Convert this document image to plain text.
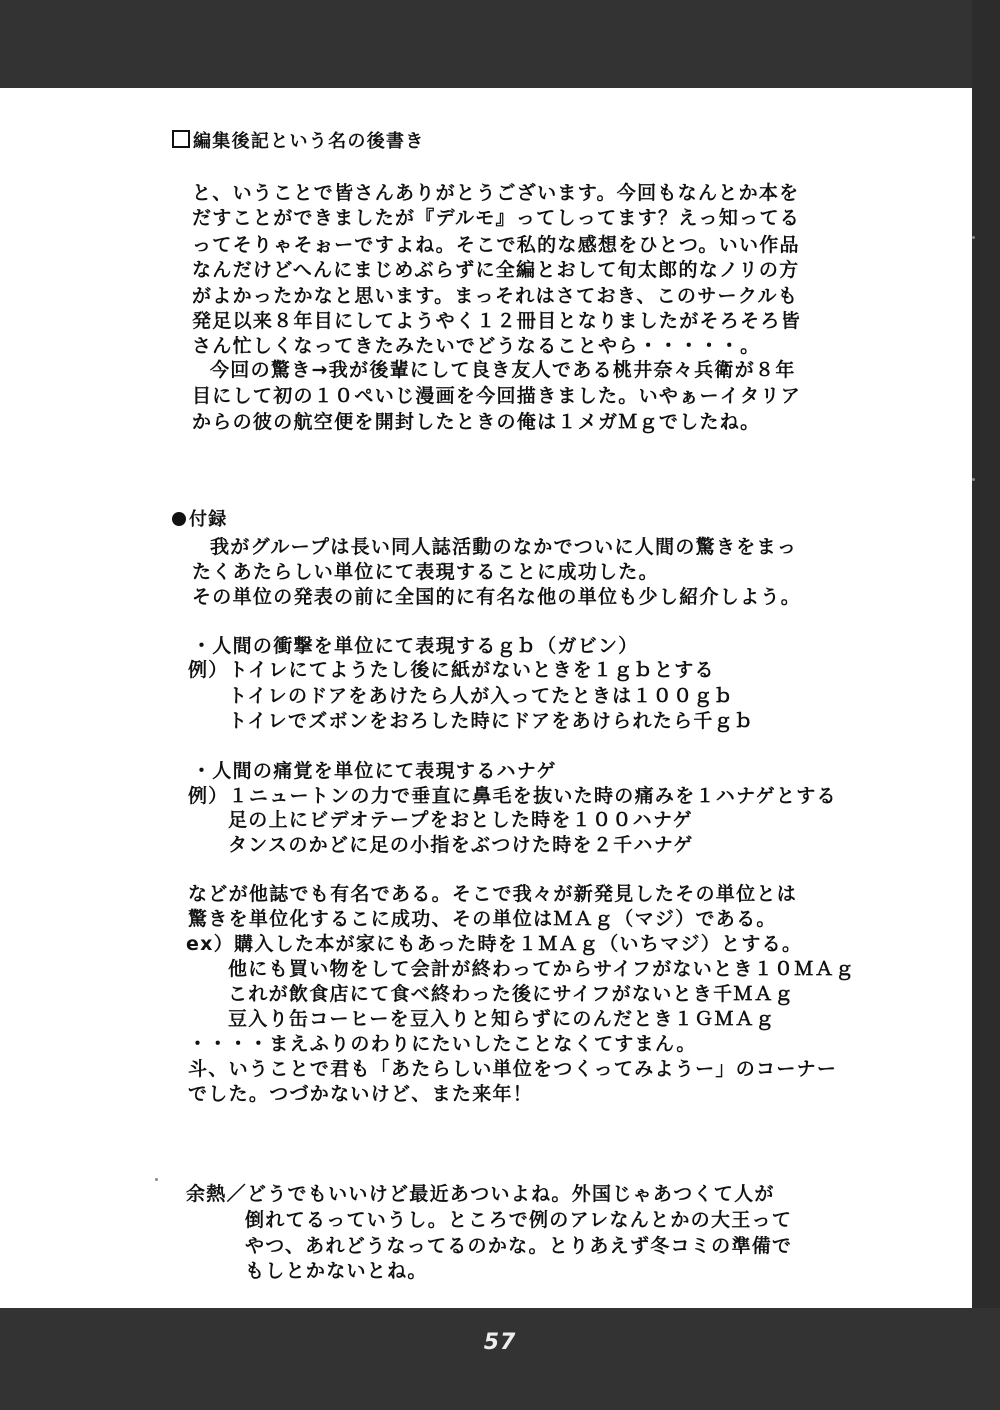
編集後記という名の後書き
と、いうことで皆さんありがとうございます。今回もなんとか本を
だすことができましたが『デルモ』ってしってます？えっ知ってる
ってそりゃそぉーですよね。そこで私的な感想をひとつ。いい作品
なんだけどへんにまじめぶらずに全編とおして旬太郎的なノリの方
がよかったかなと思います。まっそれはさておき、このサークルも
発足以来８年目にしてようやく１２冊目となりましたがそろそろ皆
さん忙しくなってきたみたいでどうなることやら・・・・・。
今回の驚き→我が後輩にして良き友人である桃井奈々兵衛が８年
目にして初の１０ぺいじ漫画を今回描きました。いやぁーイタリア
からの彼の航空便を開封したときの俺は１メガＭｇでしたね。
付録
我がグループは長い同人誌活動のなかでついに人間の驚きをまっ
たくあたらしい単位にて表現することに成功した。
その単位の発表の前に全国的に有名な他の単位も少し紹介しよう。
・人間の衝撃を単位にて表現するｇｂ（ガビン）
例）トイレにてようたし後に紙がないときを１ｇｂとする
トイレのドアをあけたら人が入ってたときは１００ｇｂ
トイレでズボンをおろした時にドアをあけられたら千ｇｂ
・人間の痛覚を単位にて表現するハナゲ
例）１ニュートンの力で垂直に鼻毛を抜いた時の痛みを１ハナゲとする
足の上にビデオテープをおとした時を１００ハナゲ
タンスのかどに足の小指をぶつけた時を２千ハナゲ
などが他誌でも有名である。そこで我々が新発見したその単位とは
驚きを単位化するこに成功、その単位はＭＡｇ（マジ）である。
ex）購入した本が家にもあった時を１ＭＡｇ（いちマジ）とする。
他にも買い物をして会計が終わってからサイフがないとき１０ＭＡｇ
これが飲食店にて食べ終わった後にサイフがないとき千ＭＡｇ
豆入り缶コーヒーを豆入りと知らずにのんだとき１ＧＭＡｇ
・・・・まえふりのわりにたいしたことなくてすまん。
斗、いうことで君も「あたらしい単位をつくってみようー」のコーナー
でした。つづかないけど、また来年！
余熱／どうでもいいけど最近あついよね。外国じゃあつくて人が
倒れてるっていうし。ところで例のアレなんとかの大王って
やつ、あれどうなってるのかな。とりあえず冬コミの準備で
もしとかないとね。
57
